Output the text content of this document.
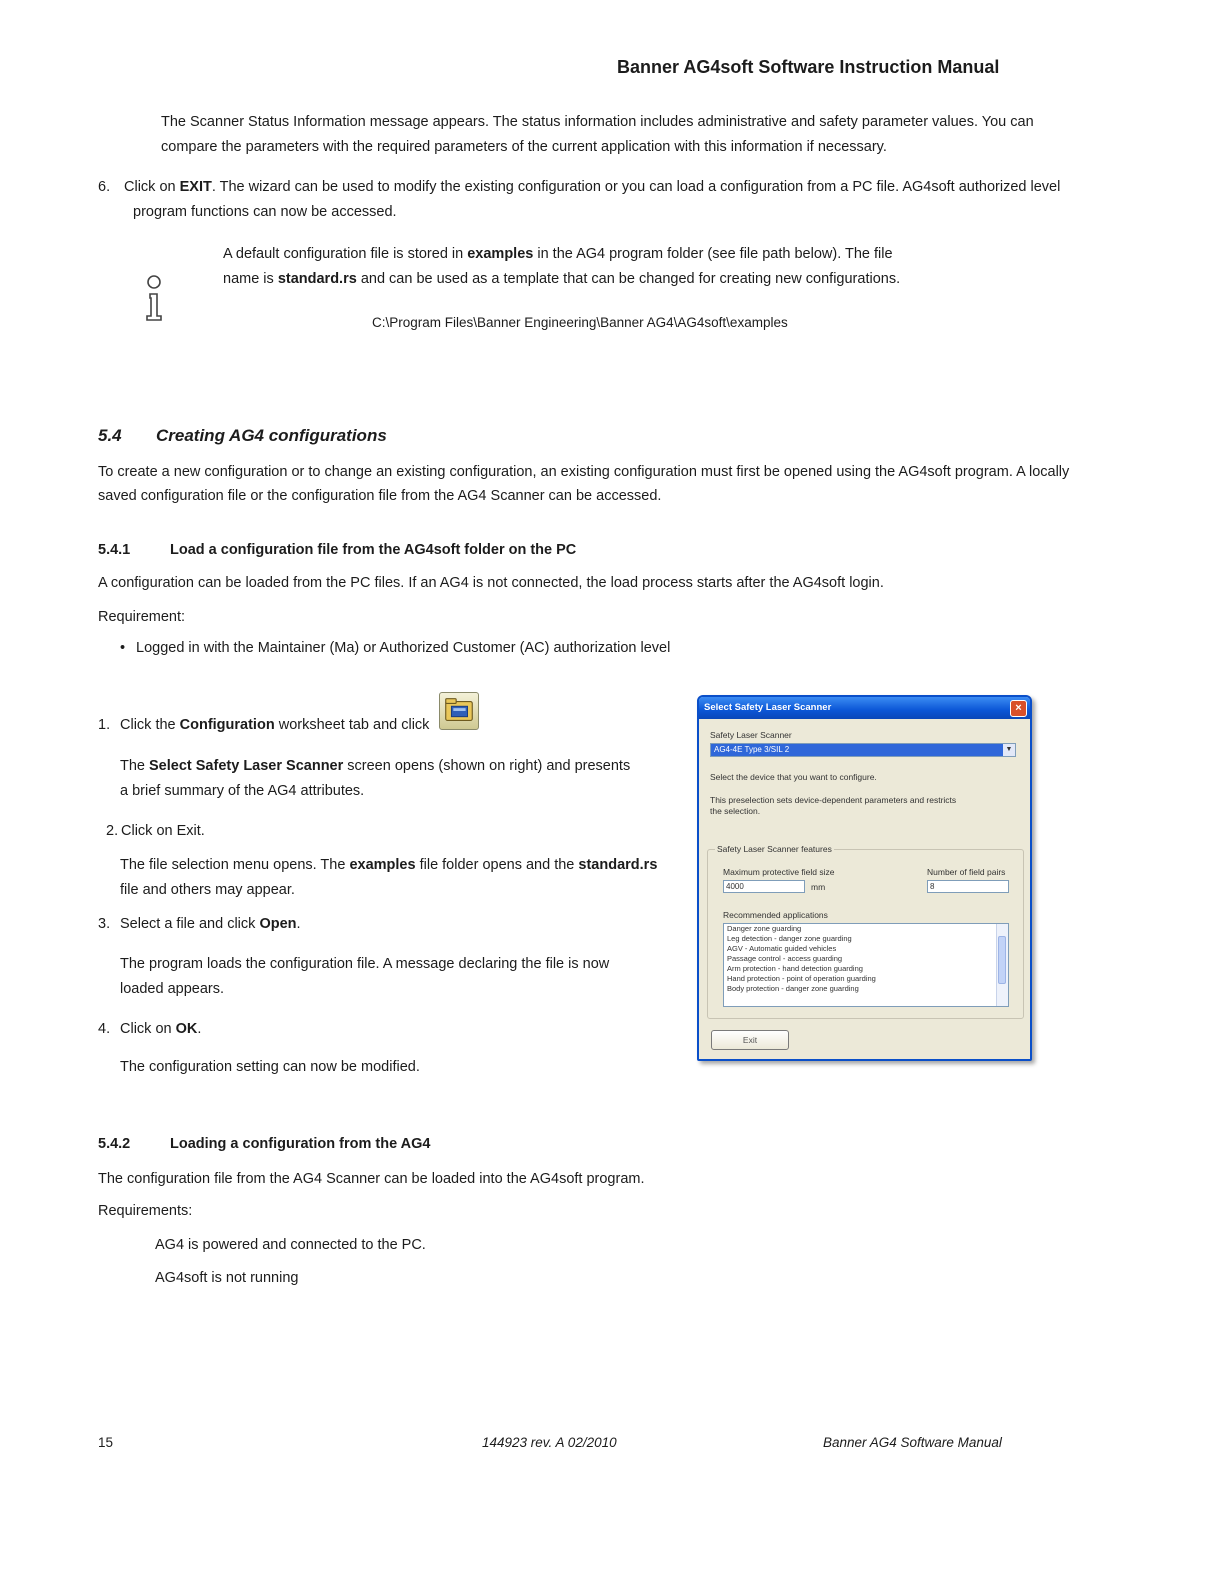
Banner AG4soft Software Instruction Manual
The Scanner Status Information message appears. The status information includes administrative and safety parameter values. You can
compare the parameters with the required parameters of the current application with this information if necessary.
6. Click on EXIT. The wizard can be used to modify the existing configuration or you can load a configuration from a PC file. AG4soft authorized level
program functions can now be accessed.
A default configuration file is stored in examples in the AG4 program folder (see file path below). The file
name is standard.rs and can be used as a template that can be changed for creating new configurations.
C:\Program Files\Banner Engineering\Banner AG4\AG4soft\examples
5.4 Creating AG4 configurations
To create a new configuration or to change an existing configuration, an existing configuration must first be opened using the AG4soft program. A locally
saved configuration file or the configuration file from the AG4 Scanner can be accessed.
5.4.1	Load a configuration file from the AG4soft folder on the PC
A configuration can be loaded from the PC files. If an AG4 is not connected, the load process starts after the AG4soft login.
Requirement:
• Logged in with the Maintainer (Ma) or Authorized Customer (AC) authorization level
1. Click the Configuration worksheet tab and click
The Select Safety Laser Scanner screen opens (shown on right) and presents
a brief summary of the AG4 attributes.
2. Click on Exit.
The file selection menu opens. The examples file folder opens and the standard.rs
file and others may appear.
3. Select a file and click Open.
The program loads the configuration file. A message declaring the file is now
loaded appears.
4. Click on OK.
The configuration setting can now be modified.
Select Safety Laser Scanner	×
Safety Laser Scanner
AG4-4E Type 3/SIL 2	▼
Select the device that you want to configure.
This preselection sets device-dependent parameters and restricts
the selection.
Safety Laser Scanner features
Maximum protective field size
4000	mm
Number of field pairs
8
Recommended applications
Danger zone guarding
Leg detection - danger zone guarding
AGV - Automatic guided vehicles
Passage control - access guarding
Arm protection - hand detection guarding
Hand protection - point of operation guarding
Body protection - danger zone guarding
Exit
5.4.2	Loading a configuration from the AG4
The configuration file from the AG4 Scanner can be loaded into the AG4soft program.
Requirements:
AG4 is powered and connected to the PC.
AG4soft is not running
15	144923 rev. A 02/2010	Banner AG4 Software Manual
